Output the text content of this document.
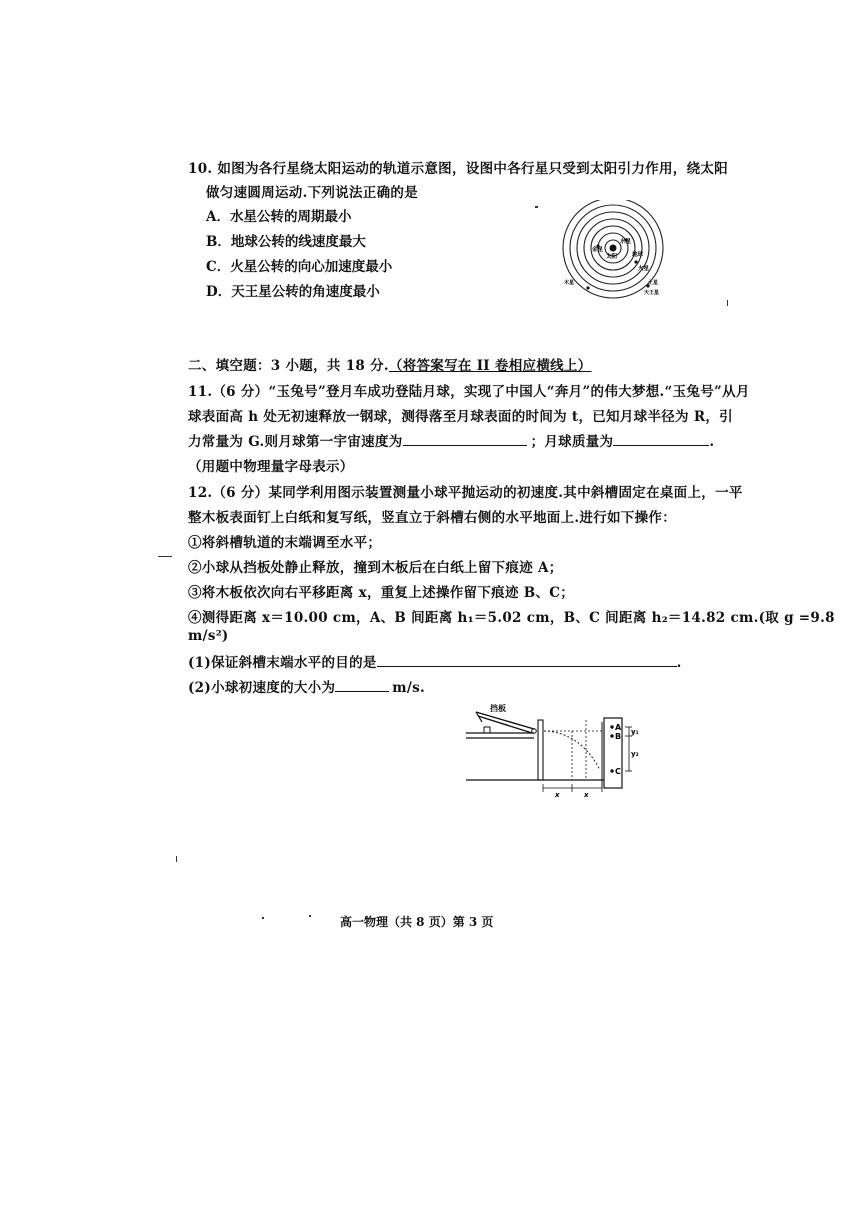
10. 如图为各行星绕太阳运动的轨道示意图，设图中各行星只受到太阳引力作用，绕太阳
做匀速圆周运动.下列说法正确的是
A．水星公转的周期最小
B．地球公转的线速度最大
C．火星公转的向心加速度最小
D．天王星公转的角速度最小
太阳
水星
金星
地球
火星
木星
天王星
土星
二、填空题：3 小题，共 18 分.（将答案写在 II 卷相应横线上）
11.（6 分）“玉兔号”登月车成功登陆月球，实现了中国人“奔月”的伟大梦想.“玉兔号”从月
球表面高 h 处无初速释放一钢球，测得落至月球表面的时间为 t，已知月球半径为 R，引
力常量为 G.则月球第一宇宙速度为	；月球质量为	.
（用题中物理量字母表示）
12.（6 分）某同学利用图示装置测量小球平抛运动的初速度.其中斜槽固定在桌面上，一平
整木板表面钉上白纸和复写纸，竖直立于斜槽右侧的水平地面上.进行如下操作：
①将斜槽轨道的末端调至水平；
②小球从挡板处静止释放，撞到木板后在白纸上留下痕迹 A；
③将木板依次向右平移距离 x，重复上述操作留下痕迹 B、C；
④测得距离 x＝10.00 cm，A、B 间距离 h₁＝5.02 cm，B、C 间距离 h₂＝14.82 cm.(取 g =9.8
m/s²)
(1)保证斜槽末端水平的目的是	.
(2)小球初速度的大小为	m/s.
挡板
A
B
C
y₁
y₂
x	x
高一物理（共 8 页）第 3 页
